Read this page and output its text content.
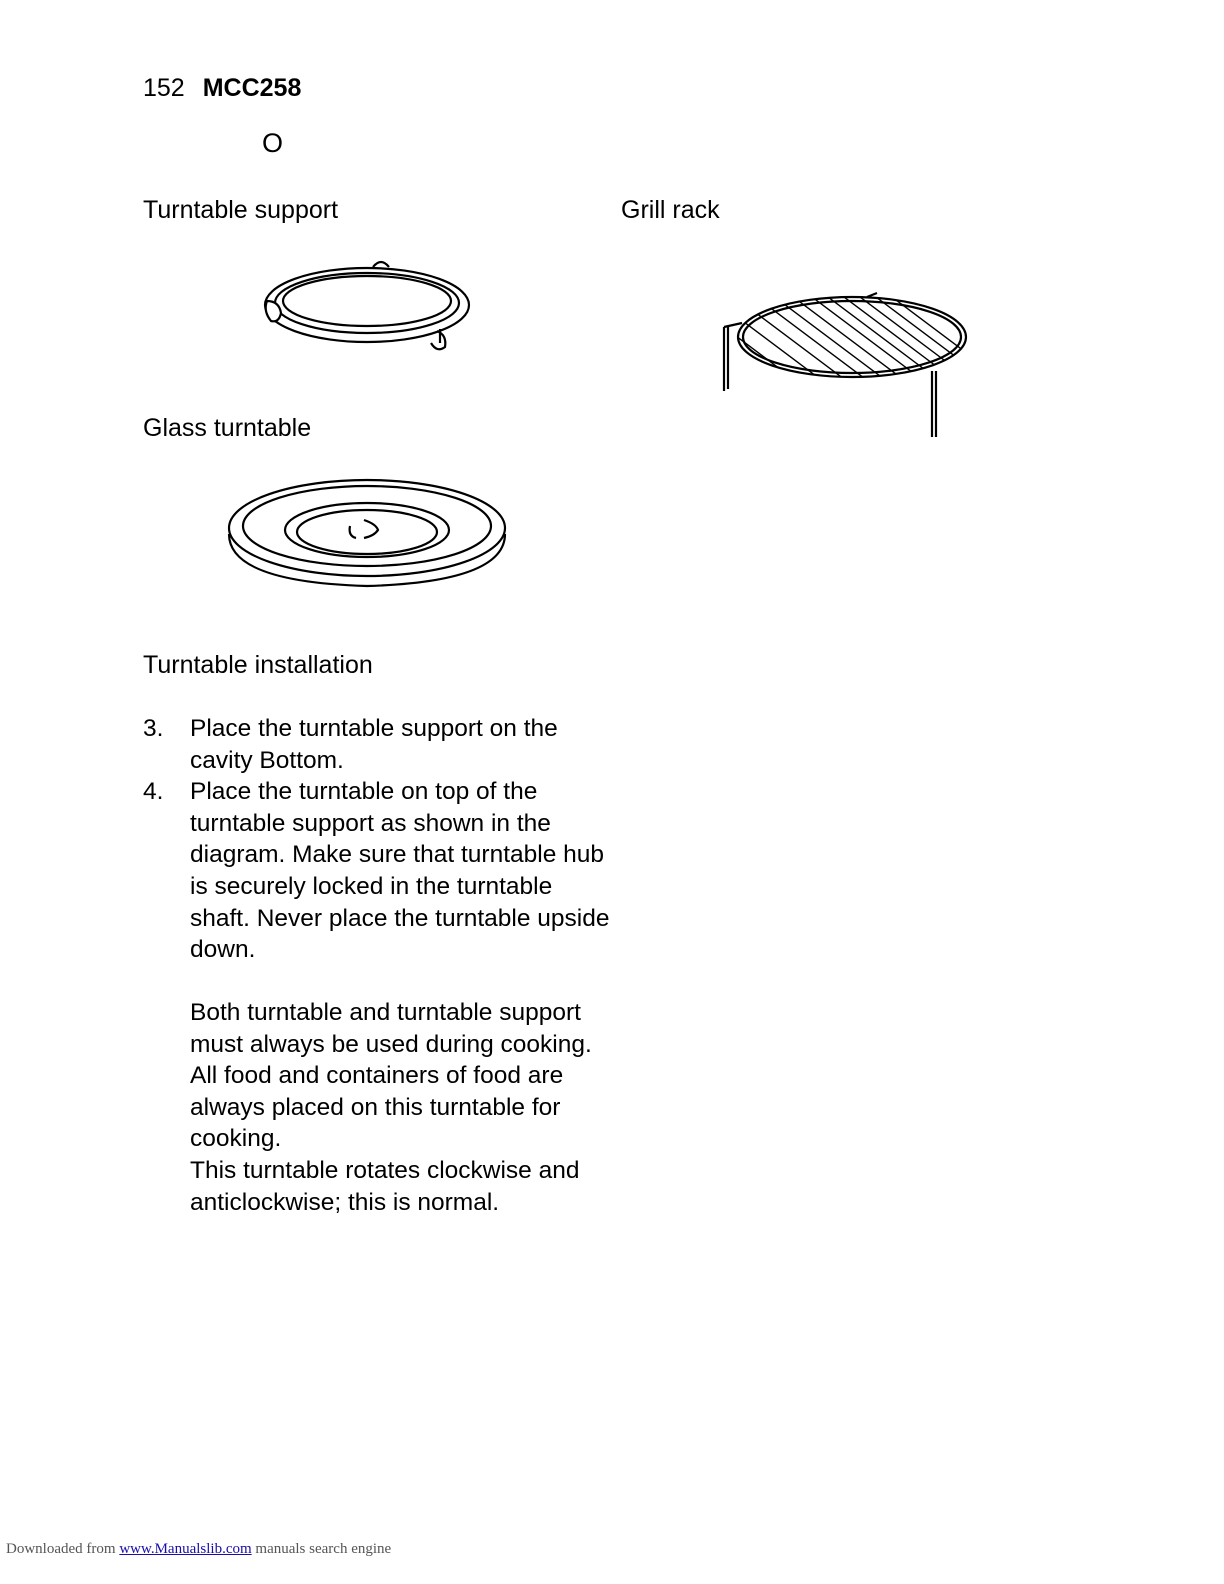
152 MCC258
O
Turntable support	Grill rack
Glass turntable
Turntable installation
3.	Place the turntable support on the cavity Bottom.
4.	Place the turntable on top of the turntable support as shown in the diagram. Make sure that turntable hub is securely locked in the turntable shaft. Never place the turntable upside down.

Both turntable and turntable support must always be used during cooking.

All food and containers of food are always placed on this turntable for cooking.

This turntable rotates clockwise and anticlockwise; this is normal.

Downloaded from www.Manualslib.com manuals search engine
